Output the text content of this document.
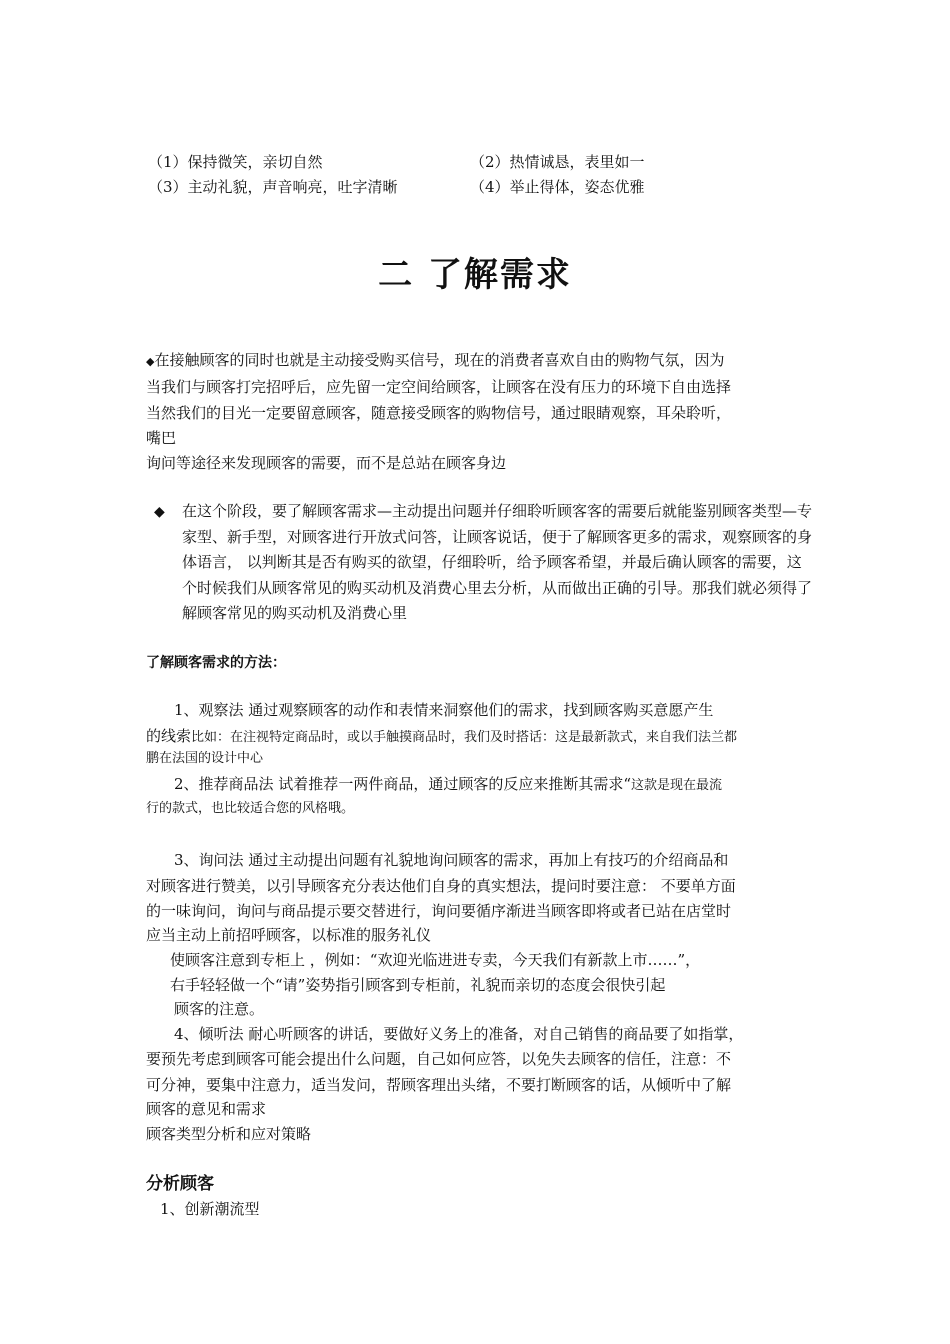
（1）保持微笑，亲切自然	（2）热情诚恳，表里如一
（3）主动礼貌，声音响亮，吐字清晰	（4）举止得体，姿态优雅
二 了解需求
◆在接触顾客的同时也就是主动接受购买信号，现在的消费者喜欢自由的购物气氛，因为
当我们与顾客打完招呼后，应先留一定空间给顾客，让顾客在没有压力的环境下自由选择
当然我们的目光一定要留意顾客，随意接受顾客的购物信号，通过眼睛观察，耳朵聆听，
嘴巴
询问等途径来发现顾客的需要，而不是总站在顾客身边
◆ 在这个阶段，要了解顾客需求—主动提出问题并仔细聆听顾客客的需要后就能鉴别顾客类型—专家型、新手型，对顾客进行开放式问答，让顾客说话，便于了解顾客更多的需求，观察顾客的身体语言， 以判断其是否有购买的欲望，仔细聆听，给予顾客希望，并最后确认顾客的需要，这个时候我们从顾客常见的购买动机及消费心里去分析，从而做出正确的引导。那我们就必须得了解顾客常见的购买动机及消费心里
了解顾客需求的方法：
1、观察法 通过观察顾客的动作和表情来洞察他们的需求，找到顾客购买意愿产生
的线索比如：在注视特定商品时，或以手触摸商品时，我们及时搭话：这是最新款式，来自我们法兰都
鹏在法国的设计中心
2、推荐商品法 试着推荐一两件商品，通过顾客的反应来推断其需求“这款是现在最流
行的款式，也比较适合您的风格哦。
3、询问法 通过主动提出问题有礼貌地询问顾客的需求，再加上有技巧的介绍商品和
对顾客进行赞美，以引导顾客充分表达他们自身的真实想法，提问时要注意： 不要单方面
的一味询问，询问与商品提示要交替进行，询问要循序渐进当顾客即将或者已站在店堂时
应当主动上前招呼顾客，以标准的服务礼仪
使顾客注意到专柜上 ，例如：“欢迎光临进进专卖，今天我们有新款上市……”，
右手轻轻做一个“请”姿势指引顾客到专柜前，礼貌而亲切的态度会很快引起
顾客的注意。
4、倾听法 耐心听顾客的讲话，要做好义务上的准备，对自己销售的商品要了如指掌，
要预先考虑到顾客可能会提出什么问题，自己如何应答，以免失去顾客的信任，注意：不
可分神，要集中注意力，适当发问，帮顾客理出头绪，不要打断顾客的话，从倾听中了解
顾客的意见和需求
顾客类型分析和应对策略
分析顾客
1、创新潮流型
